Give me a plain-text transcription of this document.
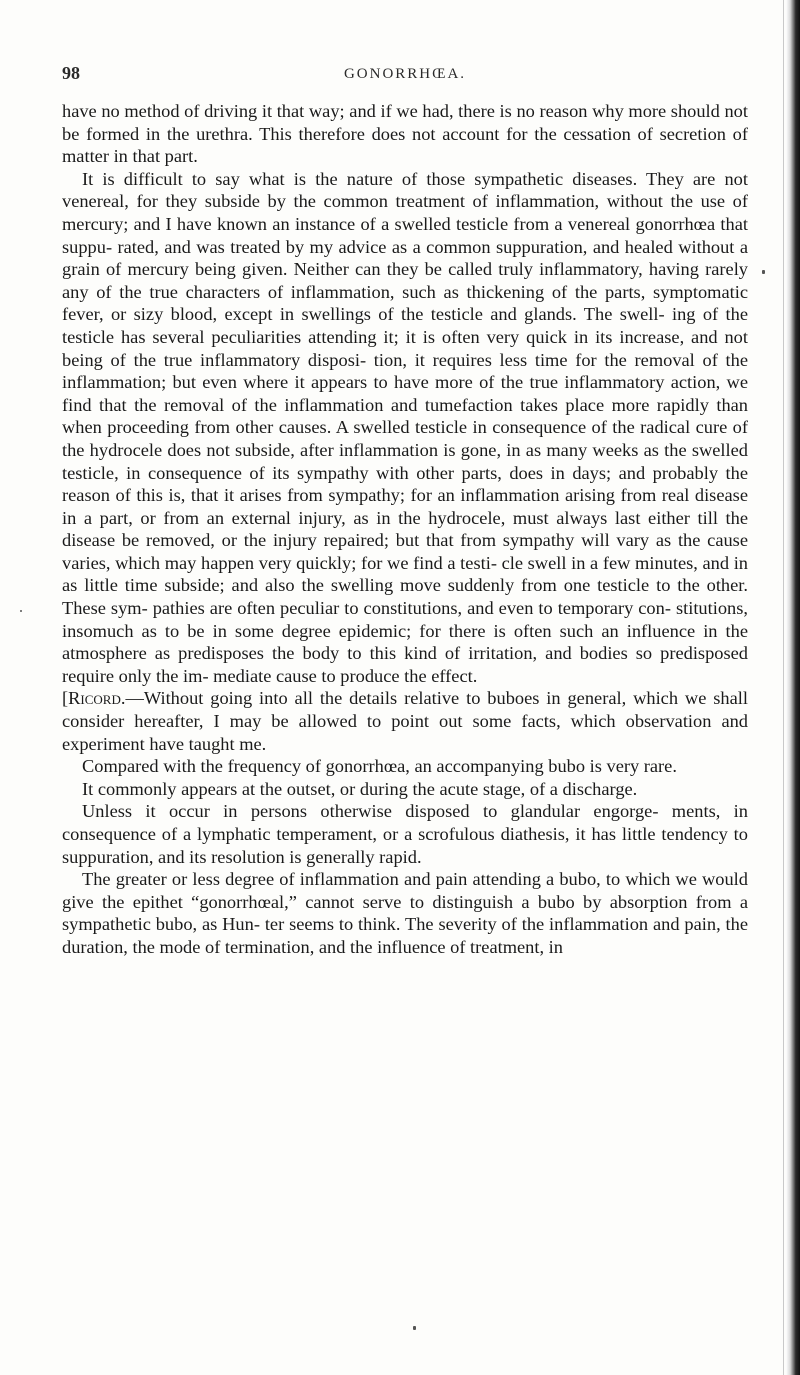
98	GONORRHŒA.

have no method of driving it that way; and if we had, there is no reason why more should not be formed in the urethra. This therefore does not account for the cessation of secretion of matter in that part.

It is difficult to say what is the nature of those sympathetic diseases. They are not venereal, for they subside by the common treatment of inflammation, without the use of mercury; and I have known an instance of a swelled testicle from a venereal gonorrhœa that suppu- rated, and was treated by my advice as a common suppuration, and healed without a grain of mercury being given. Neither can they be called truly inflammatory, having rarely any of the true characters of inflammation, such as thickening of the parts, symptomatic fever, or sizy blood, except in swellings of the testicle and glands. The swell- ing of the testicle has several peculiarities attending it; it is often very quick in its increase, and not being of the true inflammatory disposi- tion, it requires less time for the removal of the inflammation; but even where it appears to have more of the true inflammatory action, we find that the removal of the inflammation and tumefaction takes place more rapidly than when proceeding from other causes. A swelled testicle in consequence of the radical cure of the hydrocele does not subside, after inflammation is gone, in as many weeks as the swelled testicle, in consequence of its sympathy with other parts, does in days; and probably the reason of this is, that it arises from sympathy; for an inflammation arising from real disease in a part, or from an external injury, as in the hydrocele, must always last either till the disease be removed, or the injury repaired; but that from sympathy will vary as the cause varies, which may happen very quickly; for we find a testi- cle swell in a few minutes, and in as little time subside; and also the swelling move suddenly from one testicle to the other. These sym- pathies are often peculiar to constitutions, and even to temporary con- stitutions, insomuch as to be in some degree epidemic; for there is often such an influence in the atmosphere as predisposes the body to this kind of irritation, and bodies so predisposed require only the im- mediate cause to produce the effect.

[Ricord.—Without going into all the details relative to buboes in general, which we shall consider hereafter, I may be allowed to point out some facts, which observation and experiment have taught me.

Compared with the frequency of gonorrhœa, an accompanying bubo is very rare.

It commonly appears at the outset, or during the acute stage, of a discharge.

Unless it occur in persons otherwise disposed to glandular engorge- ments, in consequence of a lymphatic temperament, or a scrofulous diathesis, it has little tendency to suppuration, and its resolution is generally rapid.

The greater or less degree of inflammation and pain attending a bubo, to which we would give the epithet “gonorrhœal,” cannot serve to distinguish a bubo by absorption from a sympathetic bubo, as Hun- ter seems to think. The severity of the inflammation and pain, the duration, the mode of termination, and the influence of treatment, in
